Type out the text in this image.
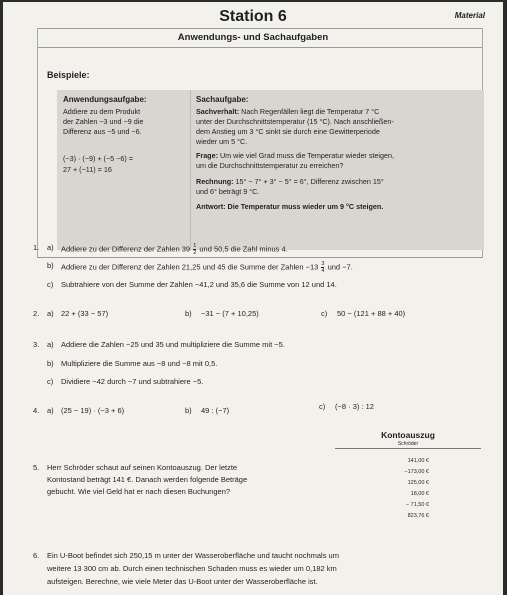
Station 6	Material
Anwendungs- und Sachaufgaben
Beispiele:
Anwendungsaufgabe:
Addiere zu dem Produkt
der Zahlen −3 und −9 die
Differenz aus −5 und −6.
(−3) · (−9) + (−5 −6) =
27 + (−11) = 16
Sachaufgabe:
Sachverhalt: Nach Regenfällen liegt die Temperatur 7 °C
unter der Durchschnittstemperatur (15 °C). Nach anschließen-
dem Anstieg um 3 °C sinkt sie durch eine Gewitterperiode
wieder um 5 °C.
Frage: Um wie viel Grad muss die Temperatur wieder steigen,
um die Durchschnittstemperatur zu erreichen?
Rechnung: 15° − 7° + 3° − 5° = 6°, Differenz zwischen 15°
und 6° beträgt 9 °C.
Antwort: Die Temperatur muss wieder um 9 °C steigen.
1. a) Addiere zu der Differenz der Zahlen $39 \frac{1}{2}$ und 50,5 die Zahl minus 4.
b) Addiere zu der Differenz der Zahlen 21,25 und 45 die Summe der Zahlen $-13 \frac{3}{4}$ und −7.
c) Subtrahiere von der Summe der Zahlen −41,2 und 35,6 die Summe von 12 und 14.
2. a) 22 + (33 − 57)	b) −31 − (7 + 10,25)	c) 50 − (121 + 88 + 40)
3. a) Addiere die Zahlen −25 und 35 und multipliziere die Summe mit −5.
b) Multipliziere die Summe aus −8 und −8 mit 0,5.
c) Dividiere −42 durch −7 und subtrahiere −5.
4. a) (25 − 19) · (−3 + 6)	b) 49 : (−7)	c) (−8 · 3) : 12
5. Herr Schröder schaut auf seinen Kontoauszug. Der letzte
Kontostand beträgt 141 €. Danach werden folgende Beträge
gebucht. Wie viel Geld hat er nach diesen Buchungen?
Kontoauszug
Schröder
141,00 €
−173,00 €
125,00 €
18,00 €
− 71,50 €
823,76 €
6. Ein U-Boot befindet sich 250,15 m unter der Wasseroberfläche und taucht nochmals um
weitere 13 300 cm ab. Durch einen technischen Schaden muss es wieder um 0,182 km
aufsteigen. Berechne, wie viele Meter das U-Boot unter der Wasseroberfläche ist.
